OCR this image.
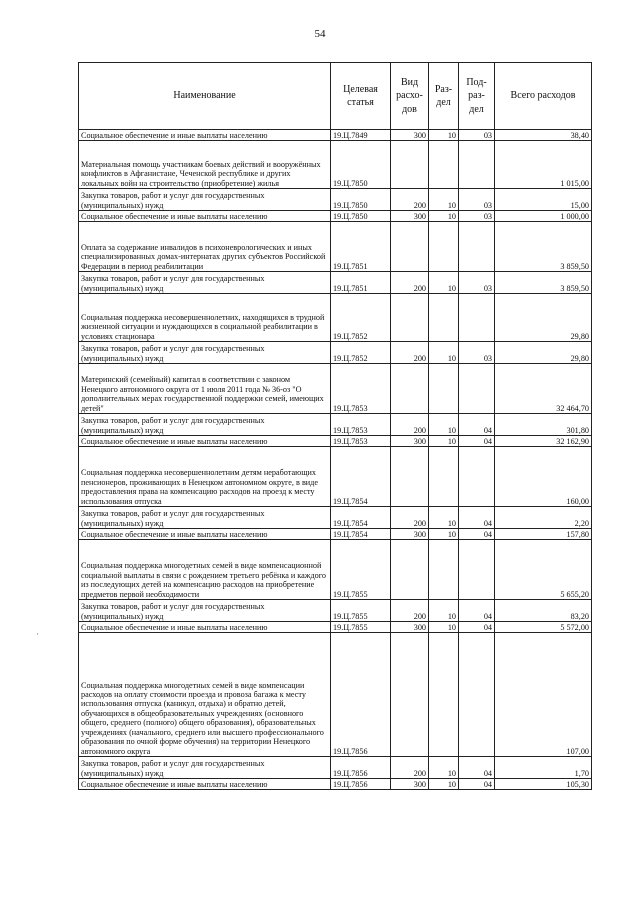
54
Наименование	Целевая статья	Вид расхо-дов	Раз-дел	Под-раз-дел	Всего расходов
Социальное обеспечение и иные выплаты населению	19.Ц.7849	300	10	03	38,40
Материальная помощь участникам боевых действий и вооружённых конфликтов в Афганистане, Чеченской республике и других локальных войн на строительство (приобретение) жилья	19.Ц.7850				1 015,00
Закупка товаров, работ и услуг для государственных (муниципальных) нужд	19.Ц.7850	200	10	03	15,00
Социальное обеспечение и иные выплаты населению	19.Ц.7850	300	10	03	1 000,00
Оплата за содержание инвалидов в психоневрологических и иных специализированных домах-интернатах других субъектов Российской Федерации в период реабилитации	19.Ц.7851				3 859,50
Закупка товаров, работ и услуг для государственных (муниципальных) нужд	19.Ц.7851	200	10	03	3 859,50
Социальная поддержка несовершеннолетних, находящихся в трудной жизненной ситуации и нуждающихся в социальной реабилитации в условиях стационара	19.Ц.7852				29,80
Закупка товаров, работ и услуг для государственных (муниципальных) нужд	19.Ц.7852	200	10	03	29,80
Материнский (семейный) капитал в соответствии с законом Ненецкого автономного округа от 1 июля 2011 года № 36-оз "О дополнительных мерах государственной поддержки семей, имеющих детей"	19.Ц.7853				32 464,70
Закупка товаров, работ и услуг для государственных (муниципальных) нужд	19.Ц.7853	200	10	04	301,80
Социальное обеспечение и иные выплаты населению	19.Ц.7853	300	10	04	32 162,90
Социальная поддержка несовершеннолетним детям неработающих пенсионеров, проживающих в Ненецком автономном округе, в виде предоставления права на компенсацию расходов на проезд к месту использования отпуска	19.Ц.7854				160,00
Закупка товаров, работ и услуг для государственных (муниципальных) нужд	19.Ц.7854	200	10	04	2,20
Социальное обеспечение и иные выплаты населению	19.Ц.7854	300	10	04	157,80
Социальная поддержка многодетных семей в виде компенсационной социальной выплаты в связи с рождением третьего ребёнка и каждого из последующих детей на компенсацию расходов на приобретение предметов первой необходимости	19.Ц.7855				5 655,20
Закупка товаров, работ и услуг для государственных (муниципальных) нужд	19.Ц.7855	200	10	04	83,20
Социальное обеспечение и иные выплаты населению	19.Ц.7855	300	10	04	5 572,00
Социальная поддержка многодетных семей в виде компенсации расходов на оплату стоимости проезда и провоза багажа к месту использования отпуска (каникул, отдыха) и обратно детей, обучающихся в общеобразовательных учреждениях (основного общего, среднего (полного) общего образования), образовательных учреждениях (начального, среднего или высшего профессионального образования по очной форме обучения) на территории Ненецкого автономного округа	19.Ц.7856				107,00
Закупка товаров, работ и услуг для государственных (муниципальных) нужд	19.Ц.7856	200	10	04	1,70
Социальное обеспечение и иные выплаты населению	19.Ц.7856	300	10	04	105,30
·
